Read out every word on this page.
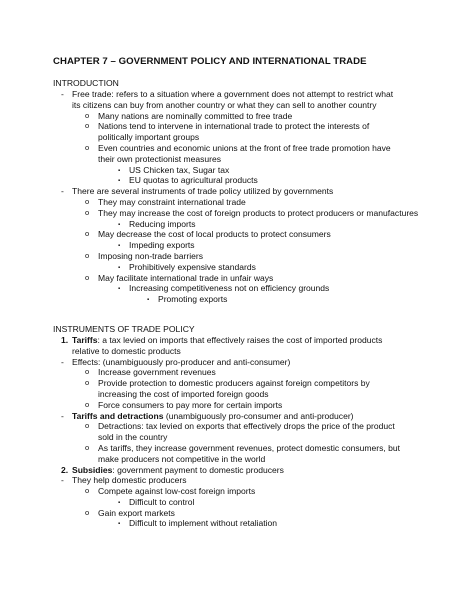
CHAPTER 7 – GOVERNMENT POLICY AND INTERNATIONAL TRADE
INTRODUCTION
- Free trade: refers to a situation where a government does not attempt to restrict what
its citizens can buy from another country or what they can sell to another country
o	Many nations are nominally committed to free trade
o	Nations tend to intervene in international trade to protect the interests of
politically important groups
o	Even countries and economic unions at the front of free trade promotion have
their own protectionist measures
▪	US Chicken tax, Sugar tax
▪	EU quotas to agricultural products
- There are several instruments of trade policy utilized by governments
o	They may constraint international trade
o	They may increase the cost of foreign products to protect producers or manufactures
▪	Reducing imports
o	May decrease the cost of local products to protect consumers
▪	Impeding exports
o	Imposing non-trade barriers
▪	Prohibitively expensive standards
o	May facilitate international trade in unfair ways
▪	Increasing competitiveness not on efficiency grounds
▪	Promoting exports
INSTRUMENTS OF TRADE POLICY
1. Tariffs: a tax levied on imports that effectively raises the cost of imported products
relative to domestic products
- Effects: (unambiguously pro-producer and anti-consumer)
o	Increase government revenues
o	Provide protection to domestic producers against foreign competitors by
increasing the cost of imported foreign goods
o	Force consumers to pay more for certain imports
- Tariffs and detractions (unambiguously pro-consumer and anti-producer)
o	Detractions: tax levied on exports that effectively drops the price of the product
sold in the country
o	As tariffs, they increase government revenues, protect domestic consumers, but
make producers not competitive in the world
2. Subsidies: government payment to domestic producers
- They help domestic producers
o	Compete against low-cost foreign imports
▪	Difficult to control
o	Gain export markets
▪	Difficult to implement without retaliation
